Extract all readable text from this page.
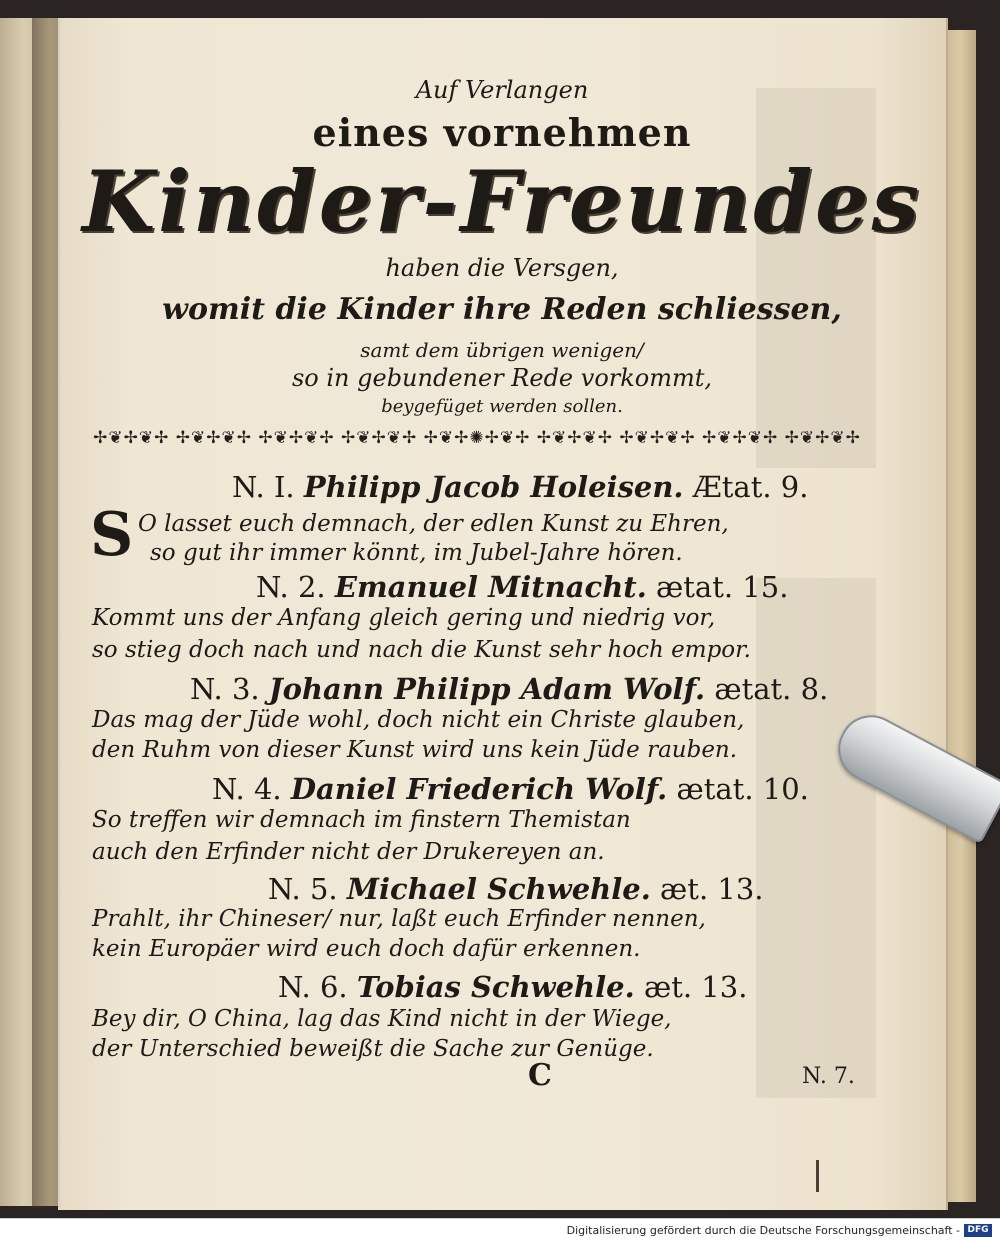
Auf Verlangen
eines vornehmen
Kinder-Freundes
haben die Versgen,
womit die Kinder ihre Reden schliessen,
samt dem übrigen wenigen/
so in gebundener Rede vorkommt,
beygefüget werden sollen.
✢❦✢❦✢ ✢❦✢❦✢ ✢❦✢❦✢ ✢❦✢❦✢ ✢❦✢✺✢❦✢ ✢❦✢❦✢ ✢❦✢❦✢ ✢❦✢❦✢ ✢❦✢❦✢
N. I. Philipp Jacob Holeisen. Ætat. 9.
S O lasset euch demnach, der edlen Kunst zu Ehren,
so gut ihr immer könnt, im Jubel-Jahre hören.
N. 2. Emanuel Mitnacht. ætat. 15.
Kommt uns der Anfang gleich gering und niedrig vor,
so stieg doch nach und nach die Kunst sehr hoch empor.
N. 3. Johann Philipp Adam Wolf. ætat. 8.
Das mag der Jüde wohl, doch nicht ein Christe glauben,
den Ruhm von dieser Kunst wird uns kein Jüde rauben.
N. 4. Daniel Friederich Wolf. ætat. 10.
So treffen wir demnach im finstern Themistan
auch den Erfinder nicht der Drukereyen an.
N. 5. Michael Schwehle. æt. 13.
Prahlt, ihr Chineser/ nur, laßt euch Erfinder nennen,
kein Europäer wird euch doch dafür erkennen.
N. 6. Tobias Schwehle. æt. 13.
Bey dir, O China, lag das Kind nicht in der Wiege,
der Unterschied beweißt die Sache zur Genüge.
C	N. 7.
Digitalisierung gefördert durch die Deutsche Forschungsgemeinschaft - DFG
